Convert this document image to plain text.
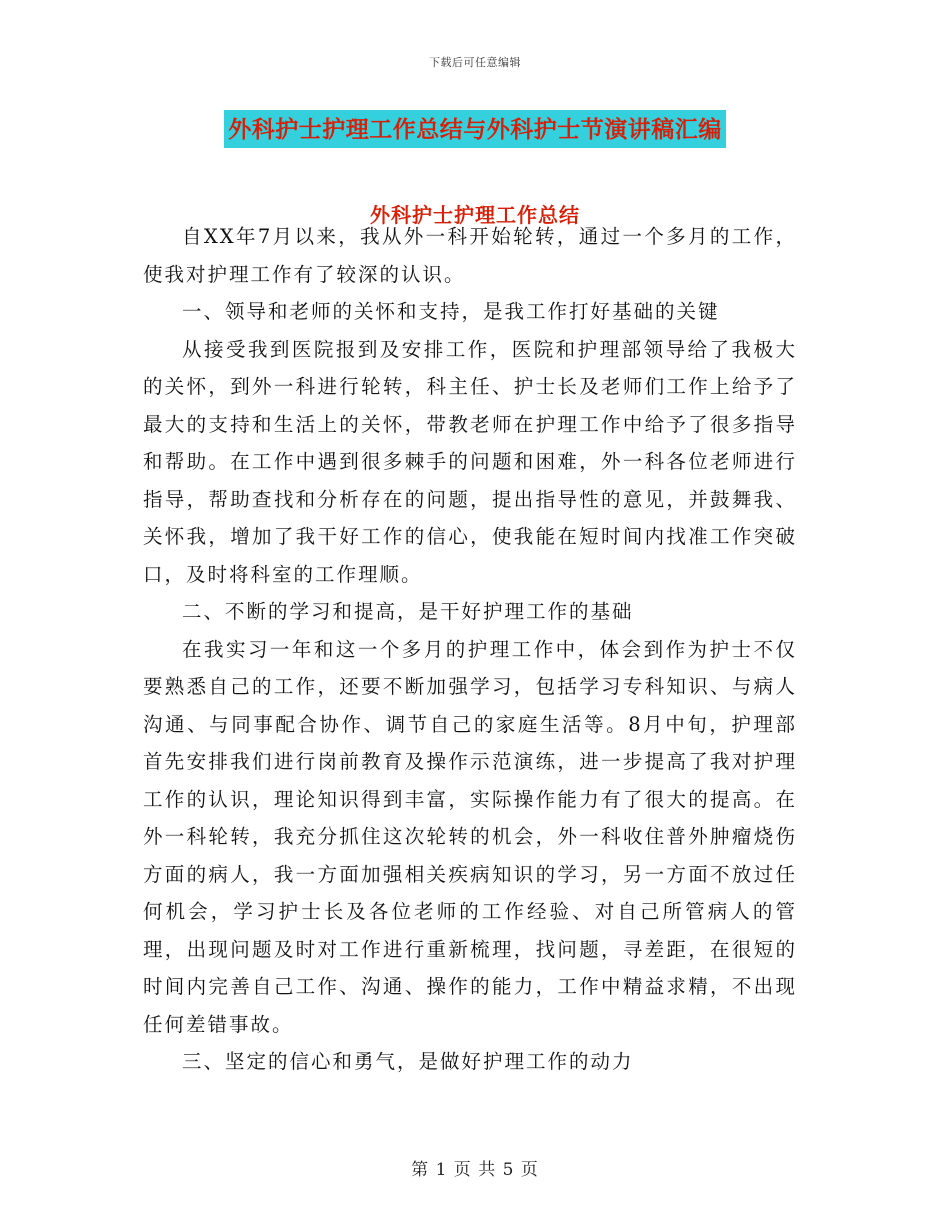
下载后可任意编辑
外科护士护理工作总结与外科护士节演讲稿汇编
外科护士护理工作总结

自XX年7月以来，我从外一科开始轮转，通过一个多月的工作，使我对护理工作有了较深的认识。

一、领导和老师的关怀和支持，是我工作打好基础的关键

从接受我到医院报到及安排工作，医院和护理部领导给了我极大的关怀，到外一科进行轮转，科主任、护士长及老师们工作上给予了最大的支持和生活上的关怀，带教老师在护理工作中给予了很多指导和帮助。在工作中遇到很多棘手的问题和困难，外一科各位老师进行指导，帮助查找和分析存在的问题，提出指导性的意见，并鼓舞我、关怀我，增加了我干好工作的信心，使我能在短时间内找准工作突破口，及时将科室的工作理顺。

二、不断的学习和提高，是干好护理工作的基础

在我实习一年和这一个多月的护理工作中，体会到作为护士不仅要熟悉自己的工作，还要不断加强学习，包括学习专科知识、与病人沟通、与同事配合协作、调节自己的家庭生活等。8月中旬，护理部首先安排我们进行岗前教育及操作示范演练，进一步提高了我对护理工作的认识，理论知识得到丰富，实际操作能力有了很大的提高。在外一科轮转，我充分抓住这次轮转的机会，外一科收住普外肿瘤烧伤方面的病人，我一方面加强相关疾病知识的学习，另一方面不放过任何机会，学习护士长及各位老师的工作经验、对自己所管病人的管理，出现问题及时对工作进行重新梳理，找问题，寻差距，在很短的时间内完善自己工作、沟通、操作的能力，工作中精益求精，不出现任何差错事故。

三、坚定的信心和勇气，是做好护理工作的动力

第 1 页 共 5 页
